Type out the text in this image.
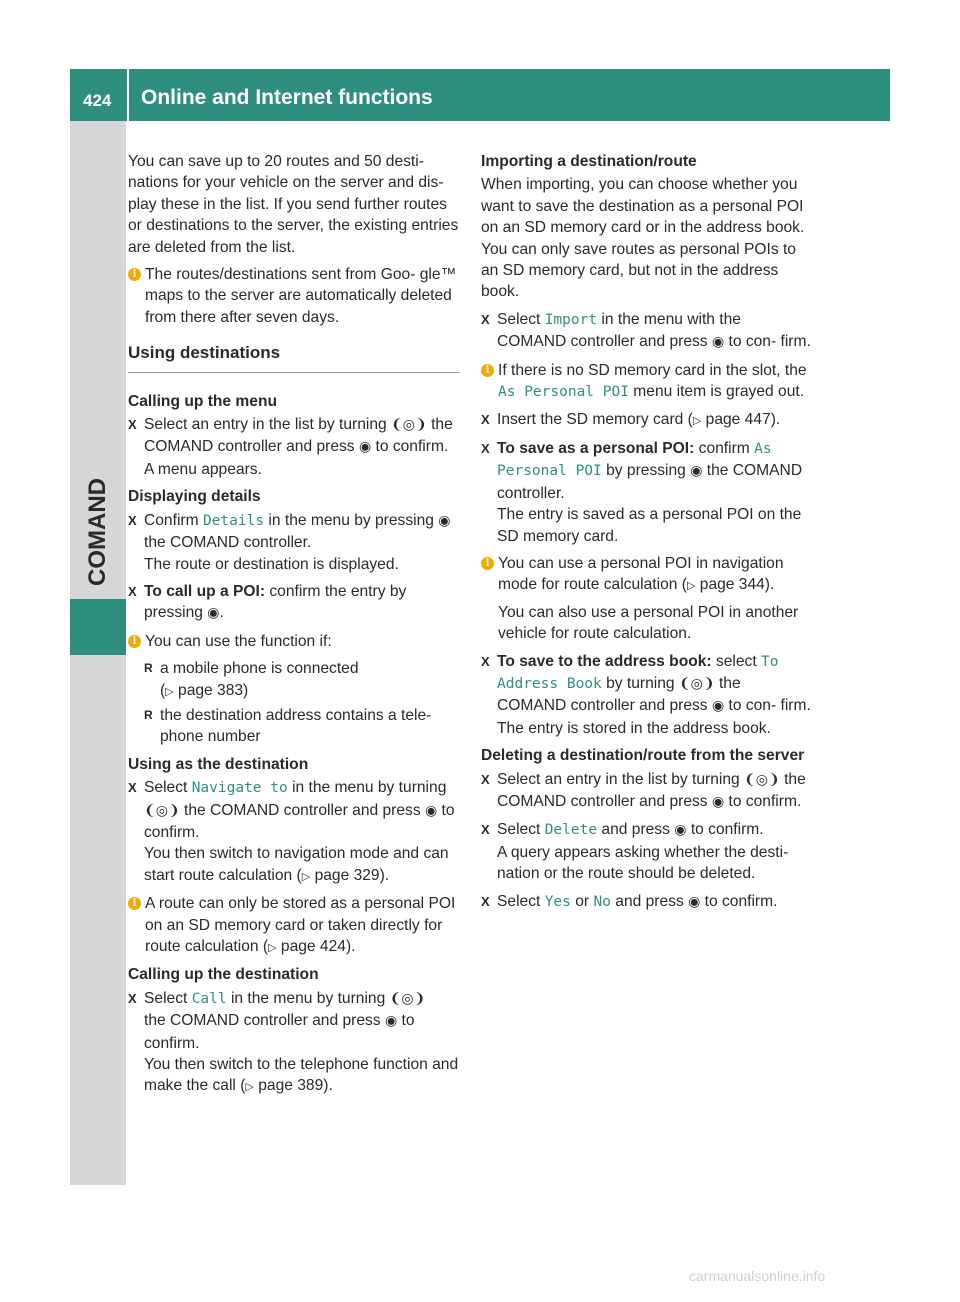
424 Online and Internet functions
COMAND

You can save up to 20 routes and 50 desti- nations for your vehicle on the server and dis- play these in the list. If you send further routes or destinations to the server, the existing entries are deleted from the list.

i The routes/destinations sent from Goo- gle™ maps to the server are automatically deleted from there after seven days.
Using destinations
Calling up the menu
X Select an entry in the list by turning ❨◎❩ the COMAND controller and press ◉ to confirm.
A menu appears.
Displaying details
X Confirm Details in the menu by pressing ◉ the COMAND controller.
The route or destination is displayed.
X To call up a POI: confirm the entry by pressing ◉.
i You can use the function if:
R a mobile phone is connected
(▷ page 383)
R the destination address contains a tele- phone number
Using as the destination
X Select Navigate to in the menu by turning ❨◎❩ the COMAND controller and press ◉ to confirm.
You then switch to navigation mode and can start route calculation (▷ page 329).
i A route can only be stored as a personal POI on an SD memory card or taken directly for route calculation (▷ page 424).
Calling up the destination
X Select Call in the menu by turning ❨◎❩
the COMAND controller and press ◉ to confirm.
You then switch to the telephone function and make the call (▷ page 389).
Importing a destination/route

When importing, you can choose whether you want to save the destination as a personal POI on an SD memory card or in the address book. You can only save routes as personal POIs to an SD memory card, but not in the address book.

X Select Import in the menu with the COMAND controller and press ◉ to con- firm.
i If there is no SD memory card in the slot, the As Personal POI menu item is grayed out.
X Insert the SD memory card (▷ page 447).
X To save as a personal POI: confirm As Personal POI by pressing ◉ the COMAND controller.
The entry is saved as a personal POI on the SD memory card.
i You can use a personal POI in navigation mode for route calculation (▷ page 344).
You can also use a personal POI in another vehicle for route calculation.
X To save to the address book: select To Address Book by turning ❨◎❩ the COMAND controller and press ◉ to con- firm.
The entry is stored in the address book.
Deleting a destination/route from the server
X Select an entry in the list by turning ❨◎❩ the COMAND controller and press ◉ to confirm.
X Select Delete and press ◉ to confirm.
A query appears asking whether the desti- nation or the route should be deleted.
X Select Yes or No and press ◉ to confirm.
carmanualsonline.info
